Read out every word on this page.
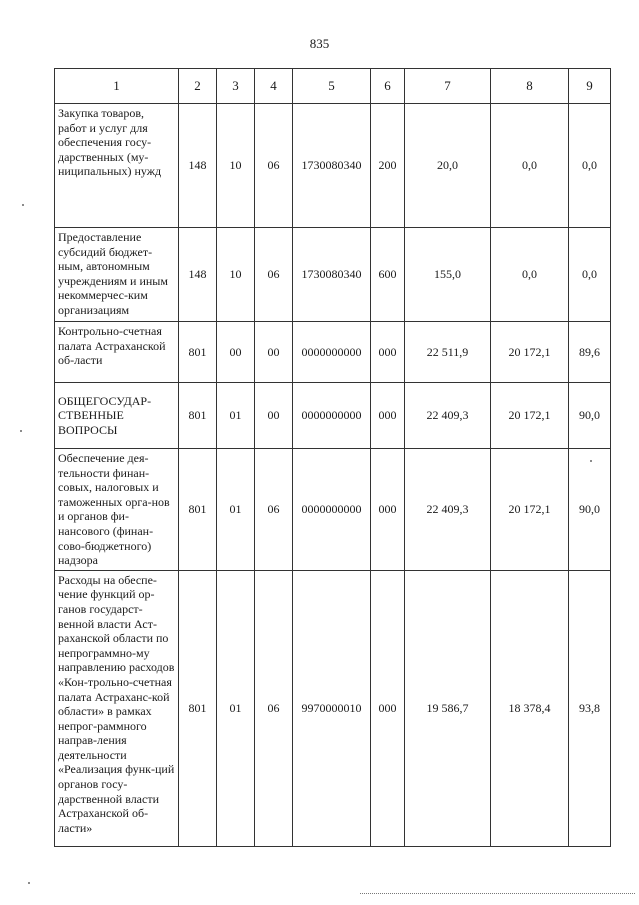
835
1	2	3	4	5	6	7	8	9
Закупка товаров, работ и услуг для обеспечения госу-дарственных (му-ниципальных) нужд	148	10	06	1730080340	200	20,0	0,0	0,0
Предоставление субсидий бюджет-ным, автономным учреждениям и иным некоммерчес-ким организациям	148	10	06	1730080340	600	155,0	0,0	0,0
Контрольно-счетная палата Астраханской об-ласти	801	00	00	0000000000	000	22 511,9	20 172,1	89,6
ОБЩЕГОСУДАР-СТВЕННЫЕ ВОПРОСЫ	801	01	00	0000000000	000	22 409,3	20 172,1	90,0
Обеспечение дея-тельности финан-совых, налоговых и таможенных орга-нов и органов фи-нансового (финан-сово-бюджетного) надзора	801	01	06	0000000000	000	22 409,3	20 172,1	90,0
Расходы на обеспе-чение функций ор-ганов государст-венной власти Аст-раханской области по непрограммно-му направлению расходов «Кон-трольно-счетная палата Астраханс-кой области» в рамках непрог-раммного направ-ления деятельности «Реализация функ-ций органов госу-дарственной власти Астраханской об-ласти»	801	01	06	9970000010	000	19 586,7	18 378,4	93,8
